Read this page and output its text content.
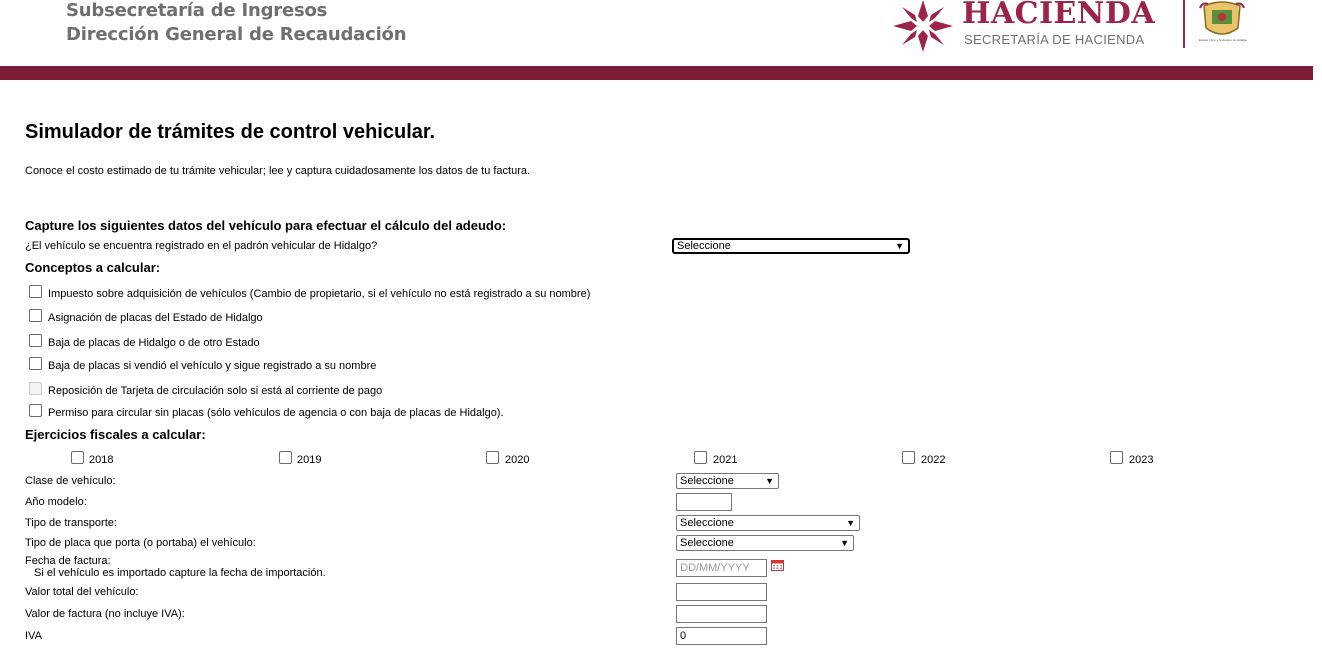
Subsecretaría de Ingresos
Dirección General de Recaudación
HACIENDA
SECRETARÍA DE HACIENDA	Estado Libre y Soberano de Hidalgo
Simulador de trámites de control vehicular.
Conoce el costo estimado de tu trámite vehicular; lee y captura cuidadosamente los datos de tu factura.
Capture los siguientes datos del vehículo para efectuar el cálculo del adeudo:
¿El vehículo se encuentra registrado en el padrón vehicular de Hidalgo?	Seleccione	▼
Conceptos a calcular:
Impuesto sobre adquisición de vehículos (Cambio de propietario, si el vehículo no está registrado a su nombre)
Asignación de placas del Estado de Hidalgo
Baja de placas de Hidalgo o de otro Estado
Baja de placas si vendió el vehículo y sigue registrado a su nombre
Reposición de Tarjeta de circulación solo si está al corriente de pago
Permiso para circular sin placas (sólo vehículos de agencia o con baja de placas de Hidalgo).
Ejercicios fiscales a calcular:
2018	2019	2020	2021	2022	2023
Clase de vehículo:	Seleccione	▼
Año modelo:
Tipo de transporte:	Seleccione	▼
Tipo de placa que porta (o portaba) el vehículo:	Seleccione	▼
Fecha de factura:
Si el vehículo es importado capture la fecha de importación.	DD/MM/YYYY
Valor total del vehículo:
Valor de factura (no incluye IVA):
IVA	0
